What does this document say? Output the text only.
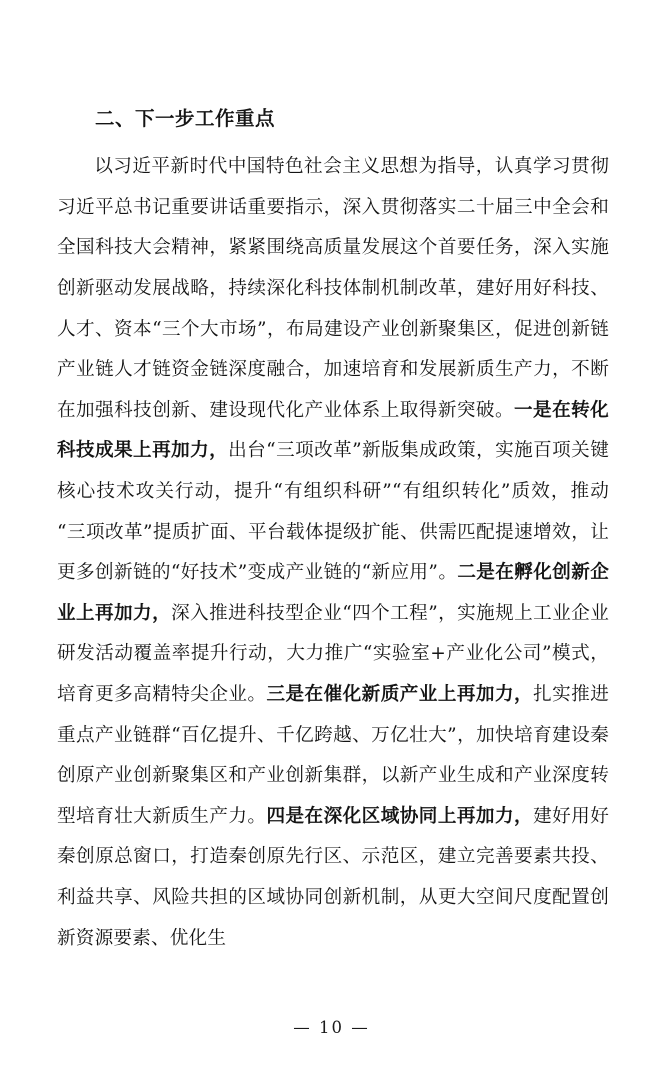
二、下一步工作重点

以习近平新时代中国特色社会主义思想为指导，认真学习贯彻习近平总书记重要讲话重要指示，深入贯彻落实二十届三中全会和全国科技大会精神，紧紧围绕高质量发展这个首要任务，深入实施创新驱动发展战略，持续深化科技体制机制改革，建好用好科技、人才、资本“三个大市场”，布局建设产业创新聚集区，促进创新链产业链人才链资金链深度融合，加速培育和发展新质生产力，不断在加强科技创新、建设现代化产业体系上取得新突破。一是在转化科技成果上再加力，出台“三项改革”新版集成政策，实施百项关键核心技术攻关行动，提升“有组织科研”“有组织转化”质效，推动“三项改革”提质扩面、平台载体提级扩能、供需匹配提速增效，让更多创新链的“好技术”变成产业链的“新应用”。二是在孵化创新企业上再加力，深入推进科技型企业“四个工程”，实施规上工业企业研发活动覆盖率提升行动，大力推广“实验室+产业化公司”模式，培育更多高精特尖企业。三是在催化新质产业上再加力，扎实推进重点产业链群“百亿提升、千亿跨越、万亿壮大”，加快培育建设秦创原产业创新聚集区和产业创新集群，以新产业生成和产业深度转型培育壮大新质生产力。四是在深化区域协同上再加力，建好用好秦创原总窗口，打造秦创原先行区、示范区，建立完善要素共投、利益共享、风险共担的区域协同创新机制，从更大空间尺度配置创新资源要素、优化生

— 10 —
